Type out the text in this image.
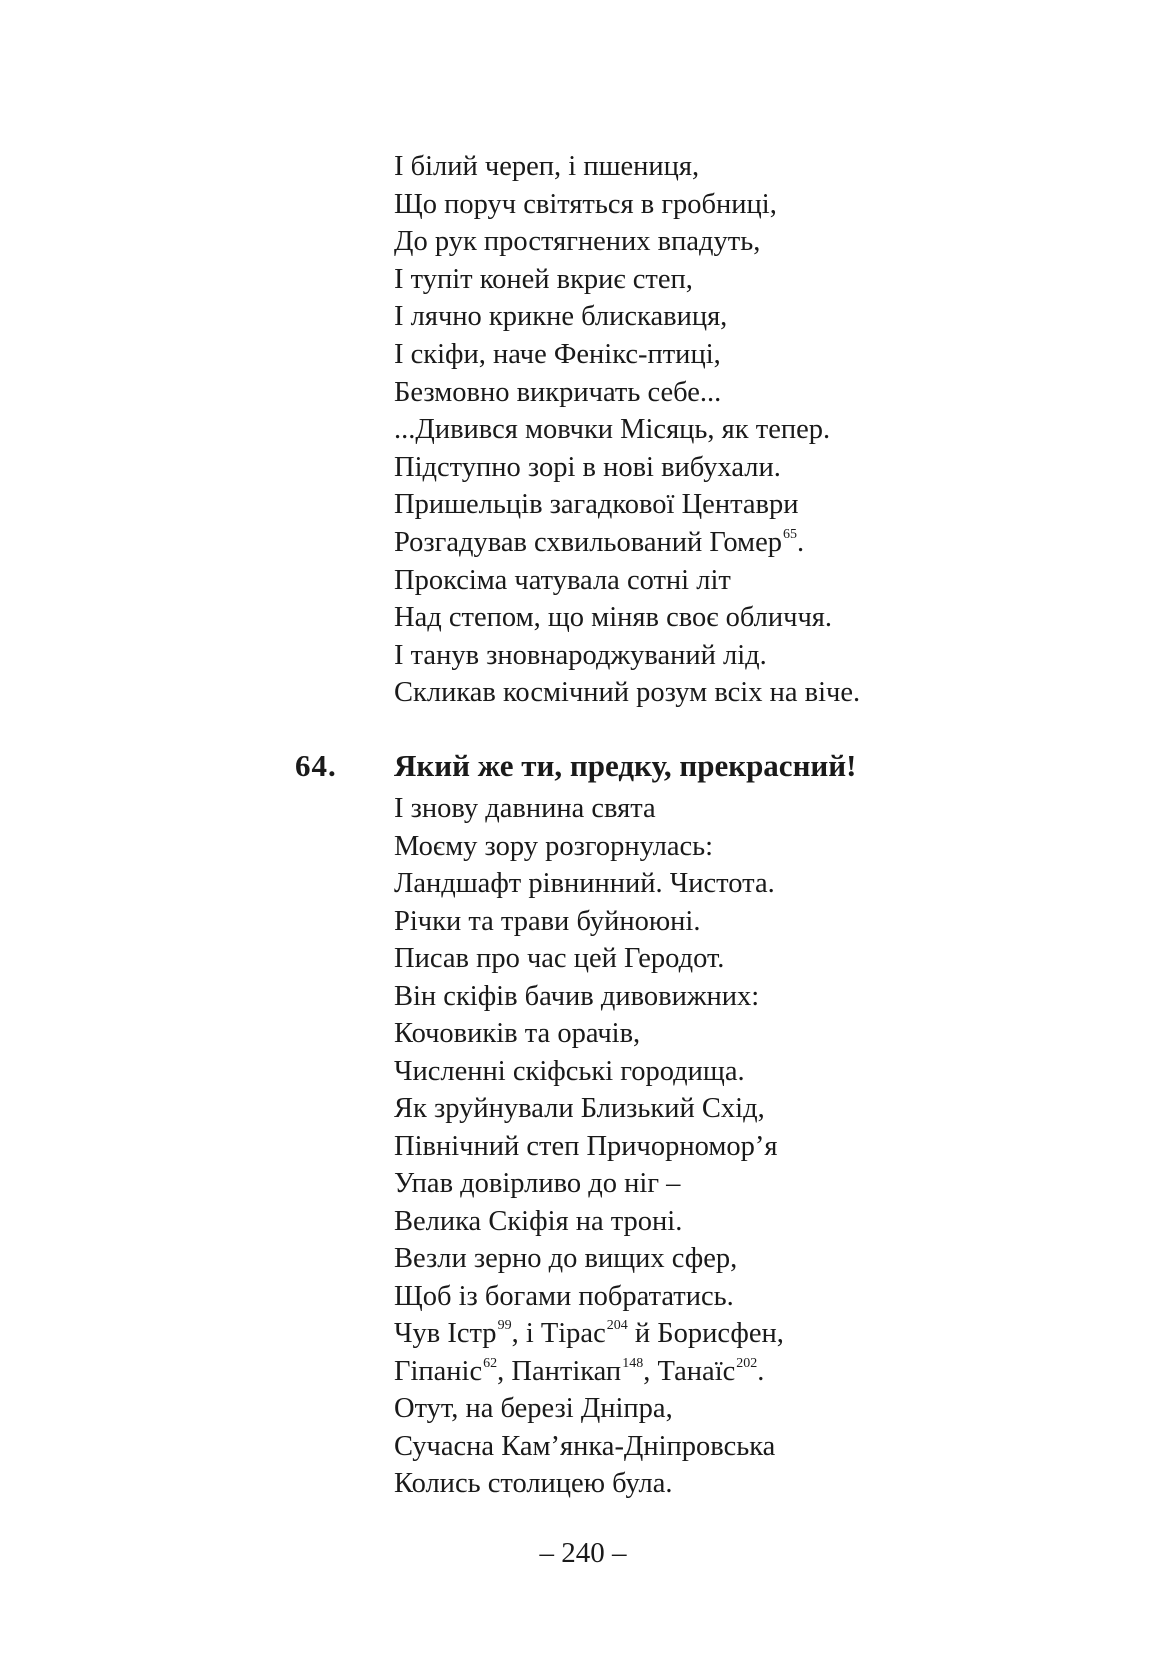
І білий череп, і пшениця,
Що поруч світяться в гробниці,
До рук простягнених впадуть,
І тупіт коней вкриє степ,
І лячно крикне блискавиця,
І скіфи, наче Фенікс-птиці,
Безмовно викричать себе...
...Дивився мовчки Місяць, як тепер.
Підступно зорі в нові вибухали.
Пришельців загадкової Центаври
Розгадував схвильований Гомер$^{65}$.
Проксіма чатувала сотні літ
Над степом, що міняв своє обличчя.
І танув зновнароджуваний лід.
Скликав космічний розум всіх на віче.
64. Який же ти, предку, прекрасний!
І знову давнина свята
Моєму зору розгорнулась:
Ландшафт рівнинний. Чистота.
Річки та трави буйноюні.
Писав про час цей Геродот.
Він скіфів бачив дивовижних:
Кочовиків та орачів,
Численні скіфські городища.
Як зруйнували Близький Схід,
Північний степ Причорномор’я
Упав довірливо до ніг –
Велика Скіфія на троні.
Везли зерно до вищих сфер,
Щоб із богами побрататись.
Чув Істр$^{99}$, і Тірас$^{204}$ й Борисфен,
Гіпаніс$^{62}$, Пантікап$^{148}$, Танаїс$^{202}$.
Отут, на березі Дніпра,
Сучасна Кам’янка-Дніпровська
Колись столицею була.
– 240 –
